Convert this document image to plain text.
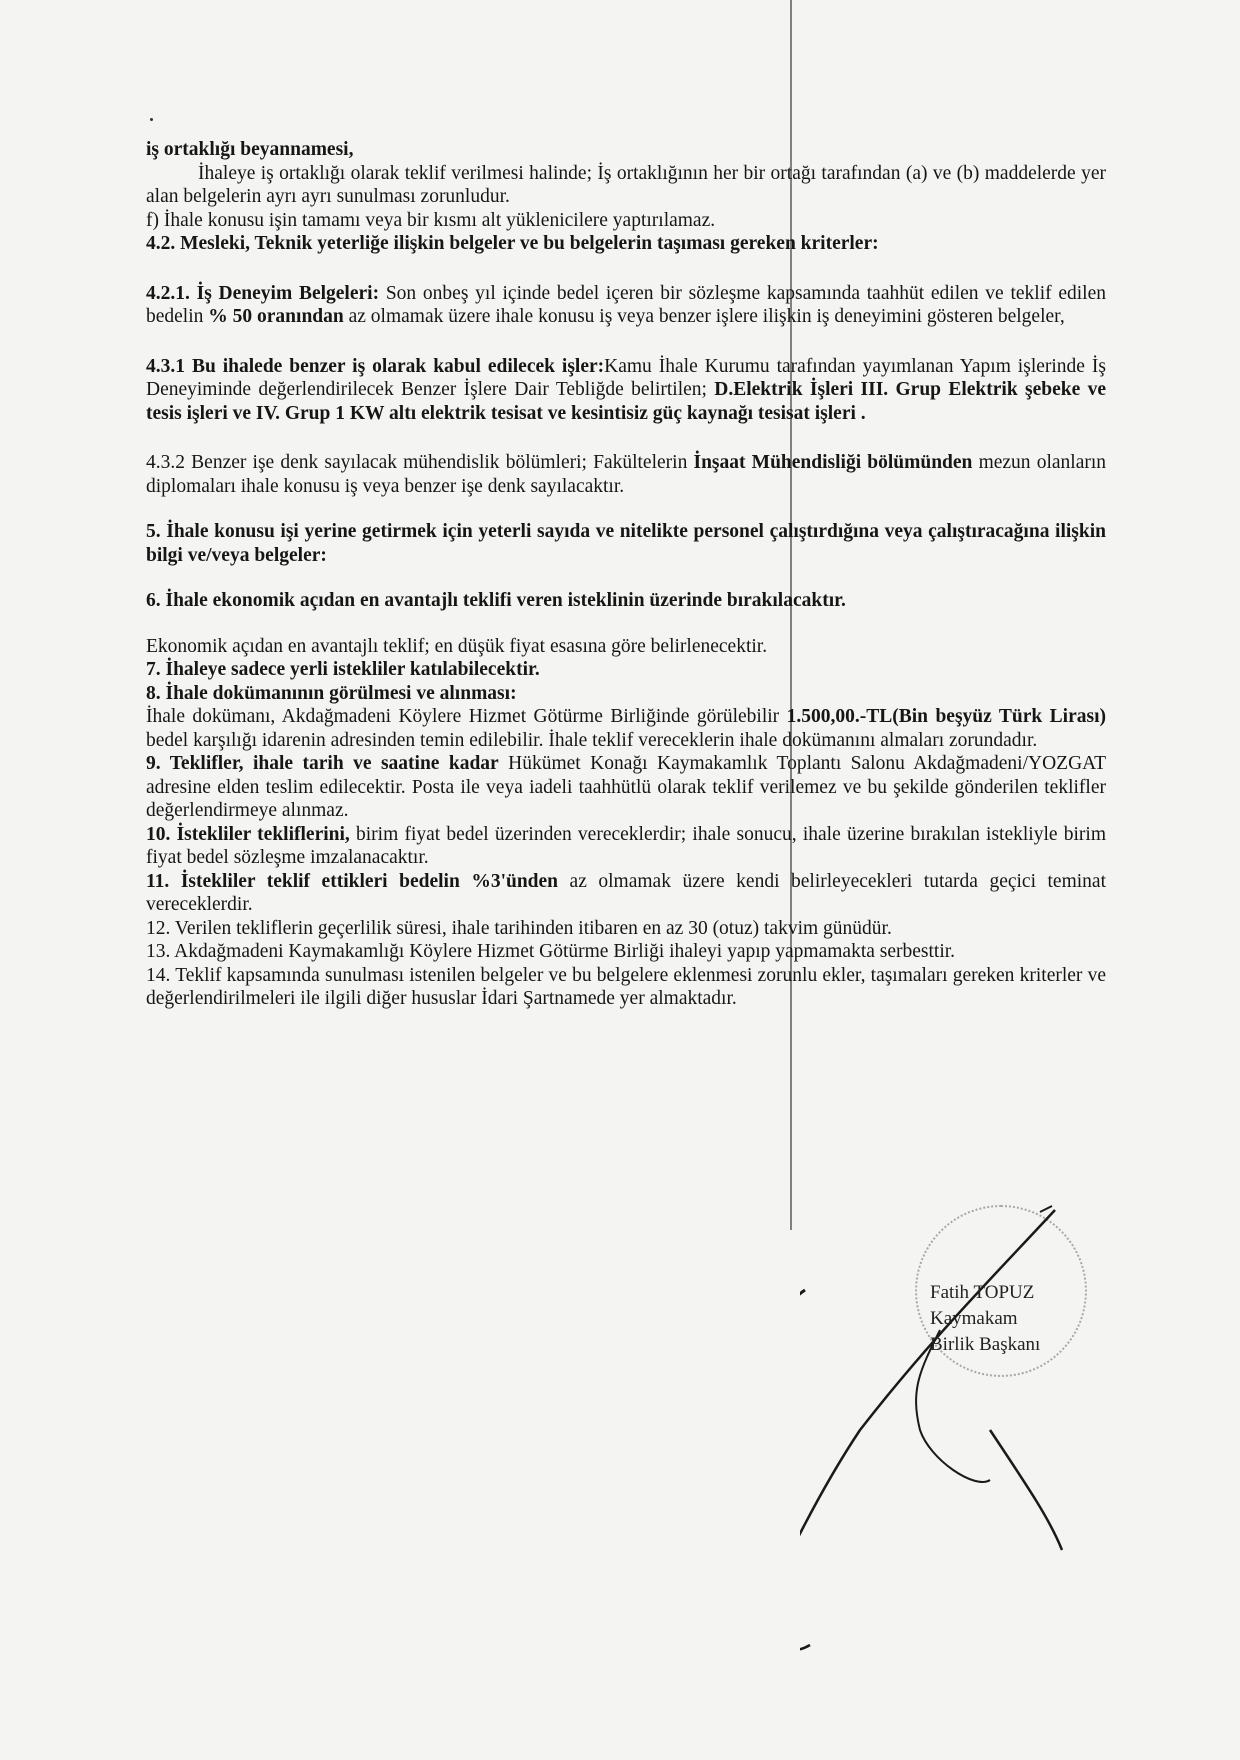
iş ortaklığı beyannamesi,

İhaleye iş ortaklığı olarak teklif verilmesi halinde; İş ortaklığının her bir ortağı tarafından (a) ve (b) maddelerde yer alan belgelerin ayrı ayrı sunulması zorunludur.

f) İhale konusu işin tamamı veya bir kısmı alt yüklenicilere yaptırılamaz.

4.2. Mesleki, Teknik yeterliğe ilişkin belgeler ve bu belgelerin taşıması gereken kriterler:

4.2.1. İş Deneyim Belgeleri: Son onbeş yıl içinde bedel içeren bir sözleşme kapsamında taahhüt edilen ve teklif edilen bedelin % 50 oranından az olmamak üzere ihale konusu iş veya benzer işlere ilişkin iş deneyimini gösteren belgeler,

4.3.1 Bu ihalede benzer iş olarak kabul edilecek işler:Kamu İhale Kurumu tarafından yayımlanan Yapım işlerinde İş Deneyiminde değerlendirilecek Benzer İşlere Dair Tebliğde belirtilen; D.Elektrik İşleri III. Grup Elektrik şebeke ve tesis işleri ve IV. Grup 1 KW altı elektrik tesisat ve kesintisiz güç kaynağı tesisat işleri .

4.3.2 Benzer işe denk sayılacak mühendislik bölümleri; Fakültelerin İnşaat Mühendisliği bölümünden mezun olanların diplomaları ihale konusu iş veya benzer işe denk sayılacaktır.

5. İhale konusu işi yerine getirmek için yeterli sayıda ve nitelikte personel çalıştırdığına veya çalıştıracağına ilişkin bilgi ve/veya belgeler:

6. İhale ekonomik açıdan en avantajlı teklifi veren isteklinin üzerinde bırakılacaktır.

Ekonomik açıdan en avantajlı teklif; en düşük fiyat esasına göre belirlenecektir.

7. İhaleye sadece yerli istekliler katılabilecektir.

8. İhale dokümanının görülmesi ve alınması:

İhale dokümanı, Akdağmadeni Köylere Hizmet Götürme Birliğinde görülebilir 1.500,00.-TL(Bin beşyüz Türk Lirası) bedel karşılığı idarenin adresinden temin edilebilir. İhale teklif vereceklerin ihale dokümanını almaları zorundadır.

9. Teklifler, ihale tarih ve saatine kadar Hükümet Konağı Kaymakamlık Toplantı Salonu Akdağmadeni/YOZGAT adresine elden teslim edilecektir. Posta ile veya iadeli taahhütlü olarak teklif verilemez ve bu şekilde gönderilen teklifler değerlendirmeye alınmaz.

10. İstekliler tekliflerini, birim fiyat bedel üzerinden vereceklerdir; ihale sonucu, ihale üzerine bırakılan istekliyle birim fiyat bedel sözleşme imzalanacaktır.

11. İstekliler teklif ettikleri bedelin %3'ünden az olmamak üzere kendi belirleyecekleri tutarda geçici teminat vereceklerdir.

12. Verilen tekliflerin geçerlilik süresi, ihale tarihinden itibaren en az 30 (otuz) takvim günüdür.

13. Akdağmadeni Kaymakamlığı Köylere Hizmet Götürme Birliği ihaleyi yapıp yapmamakta serbesttir.

14. Teklif kapsamında sunulması istenilen belgeler ve bu belgelere eklenmesi zorunlu ekler, taşımaları gereken kriterler ve değerlendirilmeleri ile ilgili diğer hususlar İdari Şartnamede yer almaktadır.

Fatih TOPUZ
Kaymakam
Birlik Başkanı
